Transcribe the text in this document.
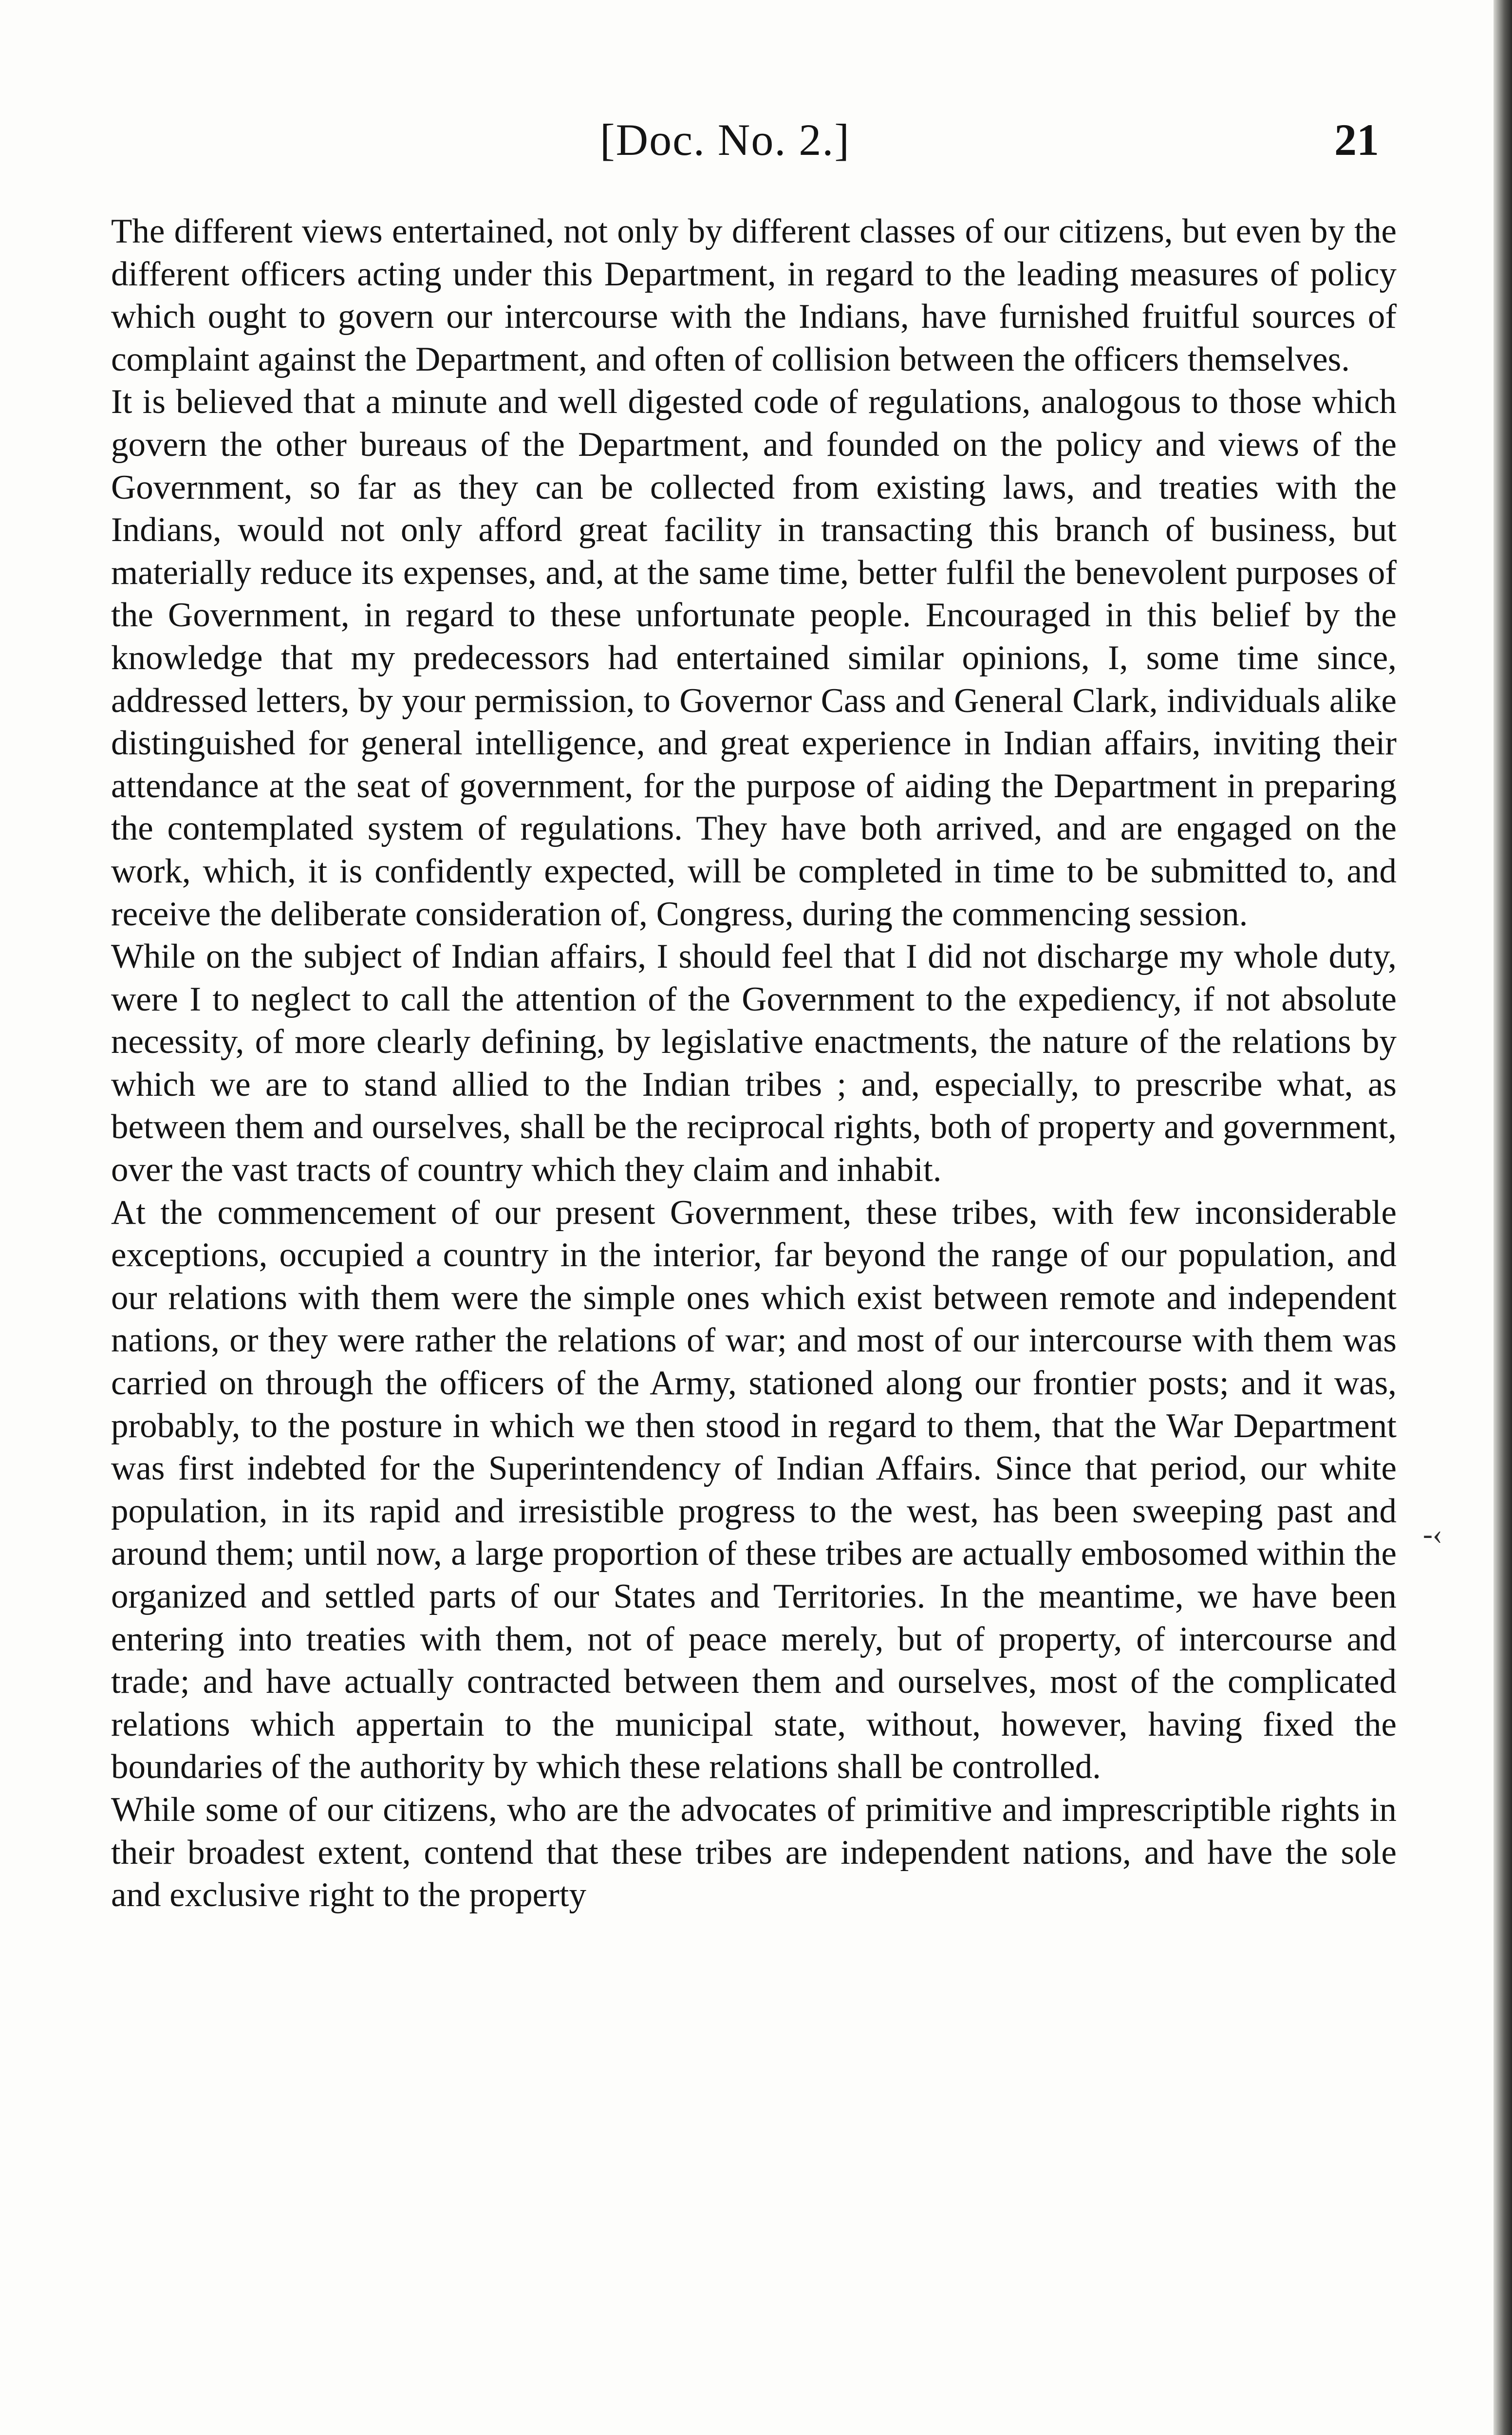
[Doc. No. 2.]	21

The different views entertained, not only by different classes of our citizens, but even by the different officers acting under this Department, in regard to the leading measures of policy which ought to govern our intercourse with the Indians, have furnished fruitful sources of complaint against the Department, and often of collision between the officers themselves.

It is believed that a minute and well digested code of regulations, analogous to those which govern the other bureaus of the Department, and founded on the policy and views of the Government, so far as they can be collected from existing laws, and treaties with the Indians, would not only afford great facility in transacting this branch of business, but materially reduce its expenses, and, at the same time, better fulfil the benevolent purposes of the Government, in regard to these unfortunate people. Encouraged in this belief by the knowledge that my predecessors had entertained similar opinions, I, some time since, addressed letters, by your permission, to Governor Cass and General Clark, individuals alike distinguished for general intelligence, and great experience in Indian affairs, inviting their attendance at the seat of government, for the purpose of aiding the Department in preparing the contemplated system of regulations. They have both arrived, and are engaged on the work, which, it is confidently expected, will be completed in time to be submitted to, and receive the deliberate consideration of, Congress, during the commencing session.

While on the subject of Indian affairs, I should feel that I did not discharge my whole duty, were I to neglect to call the attention of the Government to the expediency, if not absolute necessity, of more clearly defining, by legislative enactments, the nature of the relations by which we are to stand allied to the Indian tribes ; and, especially, to prescribe what, as between them and ourselves, shall be the reciprocal rights, both of property and government, over the vast tracts of country which they claim and inhabit.

At the commencement of our present Government, these tribes, with few inconsiderable exceptions, occupied a country in the interior, far beyond the range of our population, and our relations with them were the simple ones which exist between remote and independent nations, or they were rather the relations of war; and most of our intercourse with them was carried on through the officers of the Army, stationed along our frontier posts; and it was, probably, to the posture in which we then stood in regard to them, that the War Department was first indebted for the Superintendency of Indian Affairs. Since that period, our white population, in its rapid and irresistible progress to the west, has been sweeping past and around them; until now, a large proportion of these tribes are actually embosomed within the organized and settled parts of our States and Territories. In the meantime, we have been entering into treaties with them, not of peace merely, but of property, of intercourse and trade; and have actually contracted between them and ourselves, most of the complicated relations which appertain to the municipal state, without, however, having fixed the boundaries of the authority by which these relations shall be controlled.

While some of our citizens, who are the advocates of primitive and imprescriptible rights in their broadest extent, contend that these tribes are independent nations, and have the sole and exclusive right to the property

-‹
